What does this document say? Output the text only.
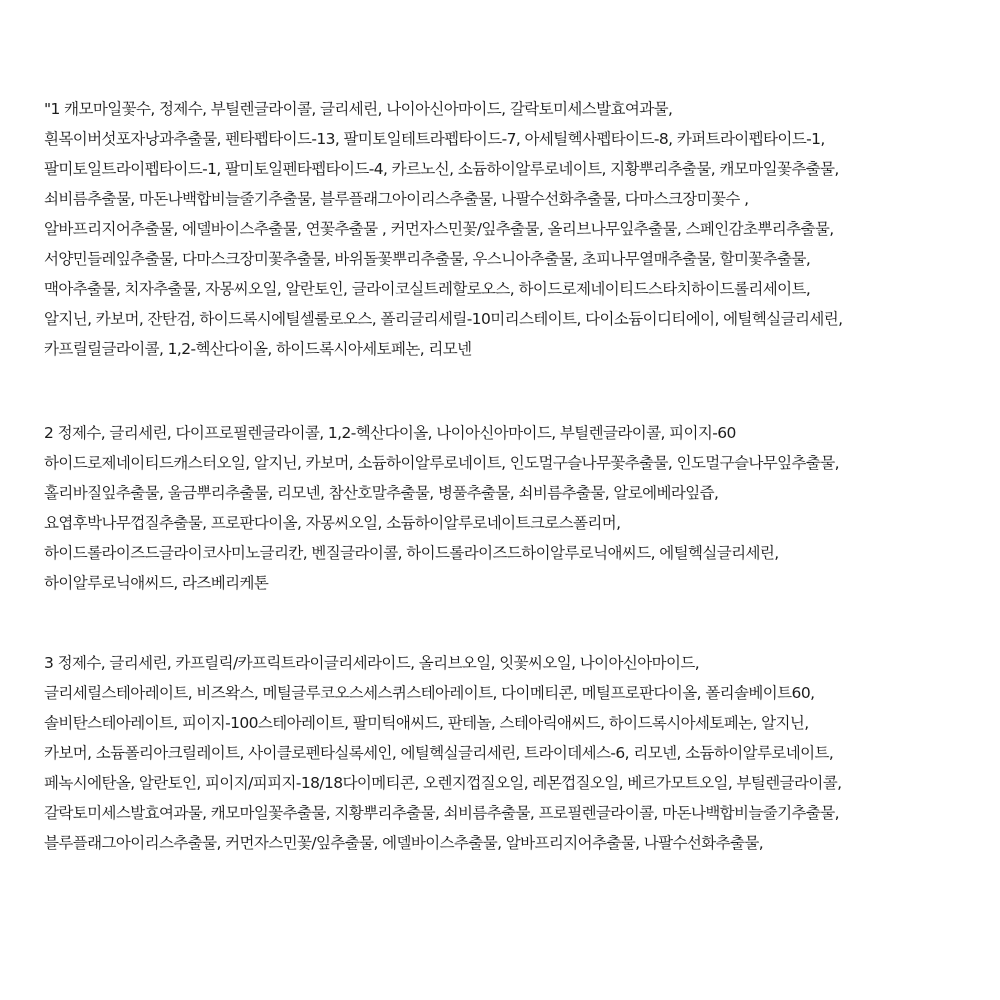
"1 캐모마일꽃수, 정제수, 부틸렌글라이콜, 글리세린, 나이아신아마이드, 갈락토미세스발효여과물,
흰목이버섯포자낭과추출물, 펜타펩타이드-13, 팔미토일테트라펩타이드-7, 아세틸헥사펩타이드-8, 카퍼트라이펩타이드-1,
팔미토일트라이펩타이드-1, 팔미토일펜타펩타이드-4, 카르노신, 소듐하이알루로네이트, 지황뿌리추출물, 캐모마일꽃추출물,
쇠비름추출물, 마돈나백합비늘줄기추출물, 블루플래그아이리스추출물, 나팔수선화추출물, 다마스크장미꽃수 ,
알바프리지어추출물, 에델바이스추출물, 연꽃추출물 , 커먼자스민꽃/잎추출물, 올리브나무잎추출물, 스페인감초뿌리추출물,
서양민들레잎추출물, 다마스크장미꽃추출물, 바위돌꽃뿌리추출물, 우스니아추출물, 초피나무열매추출물, 할미꽃추출물,
맥아추출물, 치자추출물, 자몽씨오일, 알란토인, 글라이코실트레할로오스, 하이드로제네이티드스타치하이드롤리세이트,
알지닌, 카보머, 잔탄검, 하이드록시에틸셀룰로오스, 폴리글리세릴-10미리스테이트, 다이소듐이디티에이, 에틸헥실글리세린,
카프릴릴글라이콜, 1,2-헥산다이올, 하이드록시아세토페논, 리모넨
2 정제수, 글리세린, 다이프로필렌글라이콜, 1,2-헥산다이올, 나이아신아마이드, 부틸렌글라이콜, 피이지-60
하이드로제네이티드캐스터오일, 알지닌, 카보머, 소듐하이알루로네이트, 인도멀구슬나무꽃추출물, 인도멀구슬나무잎추출물,
홀리바질잎추출물, 울금뿌리추출물, 리모넨, 참산호말추출물, 병풀추출물, 쇠비름추출물, 알로에베라잎즙,
요엽후박나무껍질추출물, 프로판다이올, 자몽씨오일, 소듐하이알루로네이트크로스폴리머,
하이드롤라이즈드글라이코사미노글리칸, 벤질글라이콜, 하이드롤라이즈드하이알루로닉애씨드, 에틸헥실글리세린,
하이알루로닉애씨드, 라즈베리케톤
3 정제수, 글리세린, 카프릴릭/카프릭트라이글리세라이드, 올리브오일, 잇꽃씨오일, 나이아신아마이드,
글리세릴스테아레이트, 비즈왁스, 메틸글루코오스세스퀴스테아레이트, 다이메티콘, 메틸프로판다이올, 폴리솔베이트60,
솔비탄스테아레이트, 피이지-100스테아레이트, 팔미틱애씨드, 판테놀, 스테아릭애씨드, 하이드록시아세토페논, 알지닌,
카보머, 소듐폴리아크릴레이트, 사이클로펜타실록세인, 에틸헥실글리세린, 트라이데세스-6, 리모넨, 소듐하이알루로네이트,
페녹시에탄올, 알란토인, 피이지/피피지-18/18다이메티콘, 오렌지껍질오일, 레몬껍질오일, 베르가모트오일, 부틸렌글라이콜,
갈락토미세스발효여과물, 캐모마일꽃추출물, 지황뿌리추출물, 쇠비름추출물, 프로필렌글라이콜, 마돈나백합비늘줄기추출물,
블루플래그아이리스추출물, 커먼자스민꽃/잎추출물, 에델바이스추출물, 알바프리지어추출물, 나팔수선화추출물,
